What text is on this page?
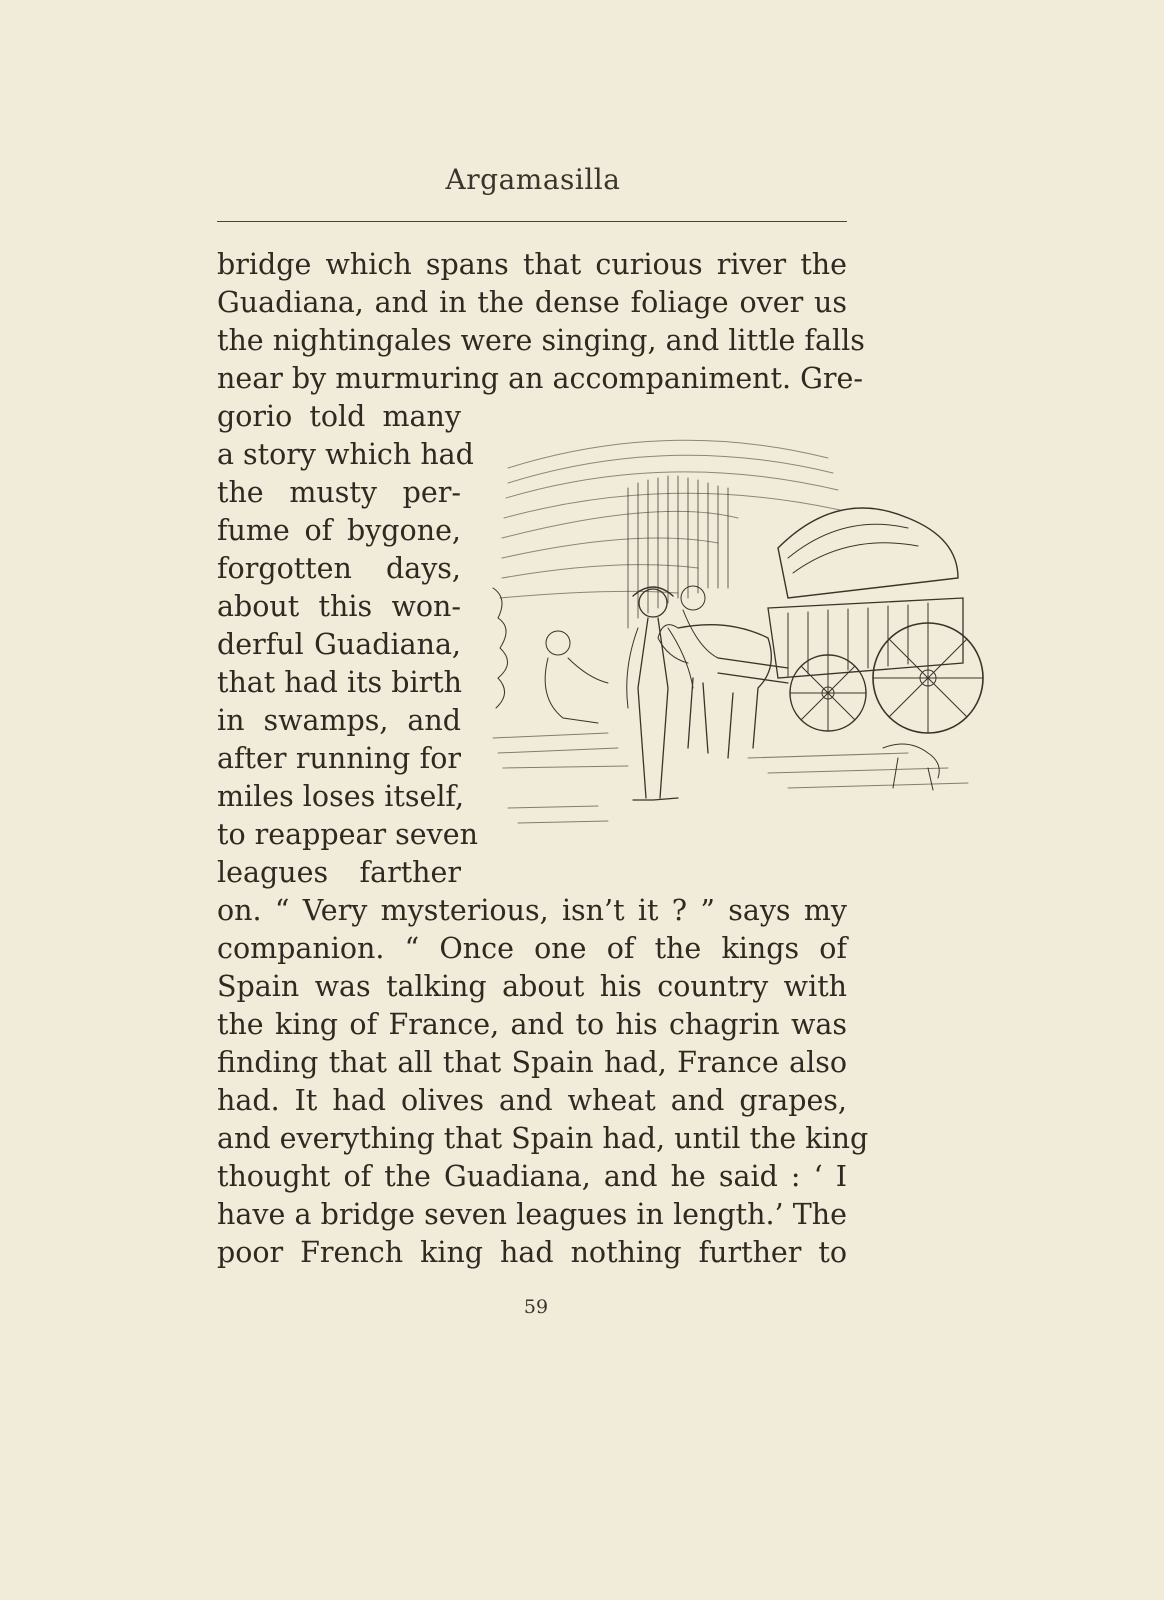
Argamasilla
bridge which spans that curious river the
Guadiana, and in the dense foliage over us
the nightingales were singing, and little falls
near by murmuring an accompaniment. Gre-
gorio told many
a story which had
the musty per-
fume of bygone,
forgotten days,
about this won-
derful Guadiana,
that had its birth
in swamps, and
after running for
miles loses itself,
to reappear seven
leagues farther
on. “ Very mysterious, isn’t it ? ” says my
companion. “ Once one of the kings of
Spain was talking about his country with
the king of France, and to his chagrin was
finding that all that Spain had, France also
had. It had olives and wheat and grapes,
and everything that Spain had, until the king
thought of the Guadiana, and he said : ‘ I
have a bridge seven leagues in length.’ The
poor French king had nothing further to
59
